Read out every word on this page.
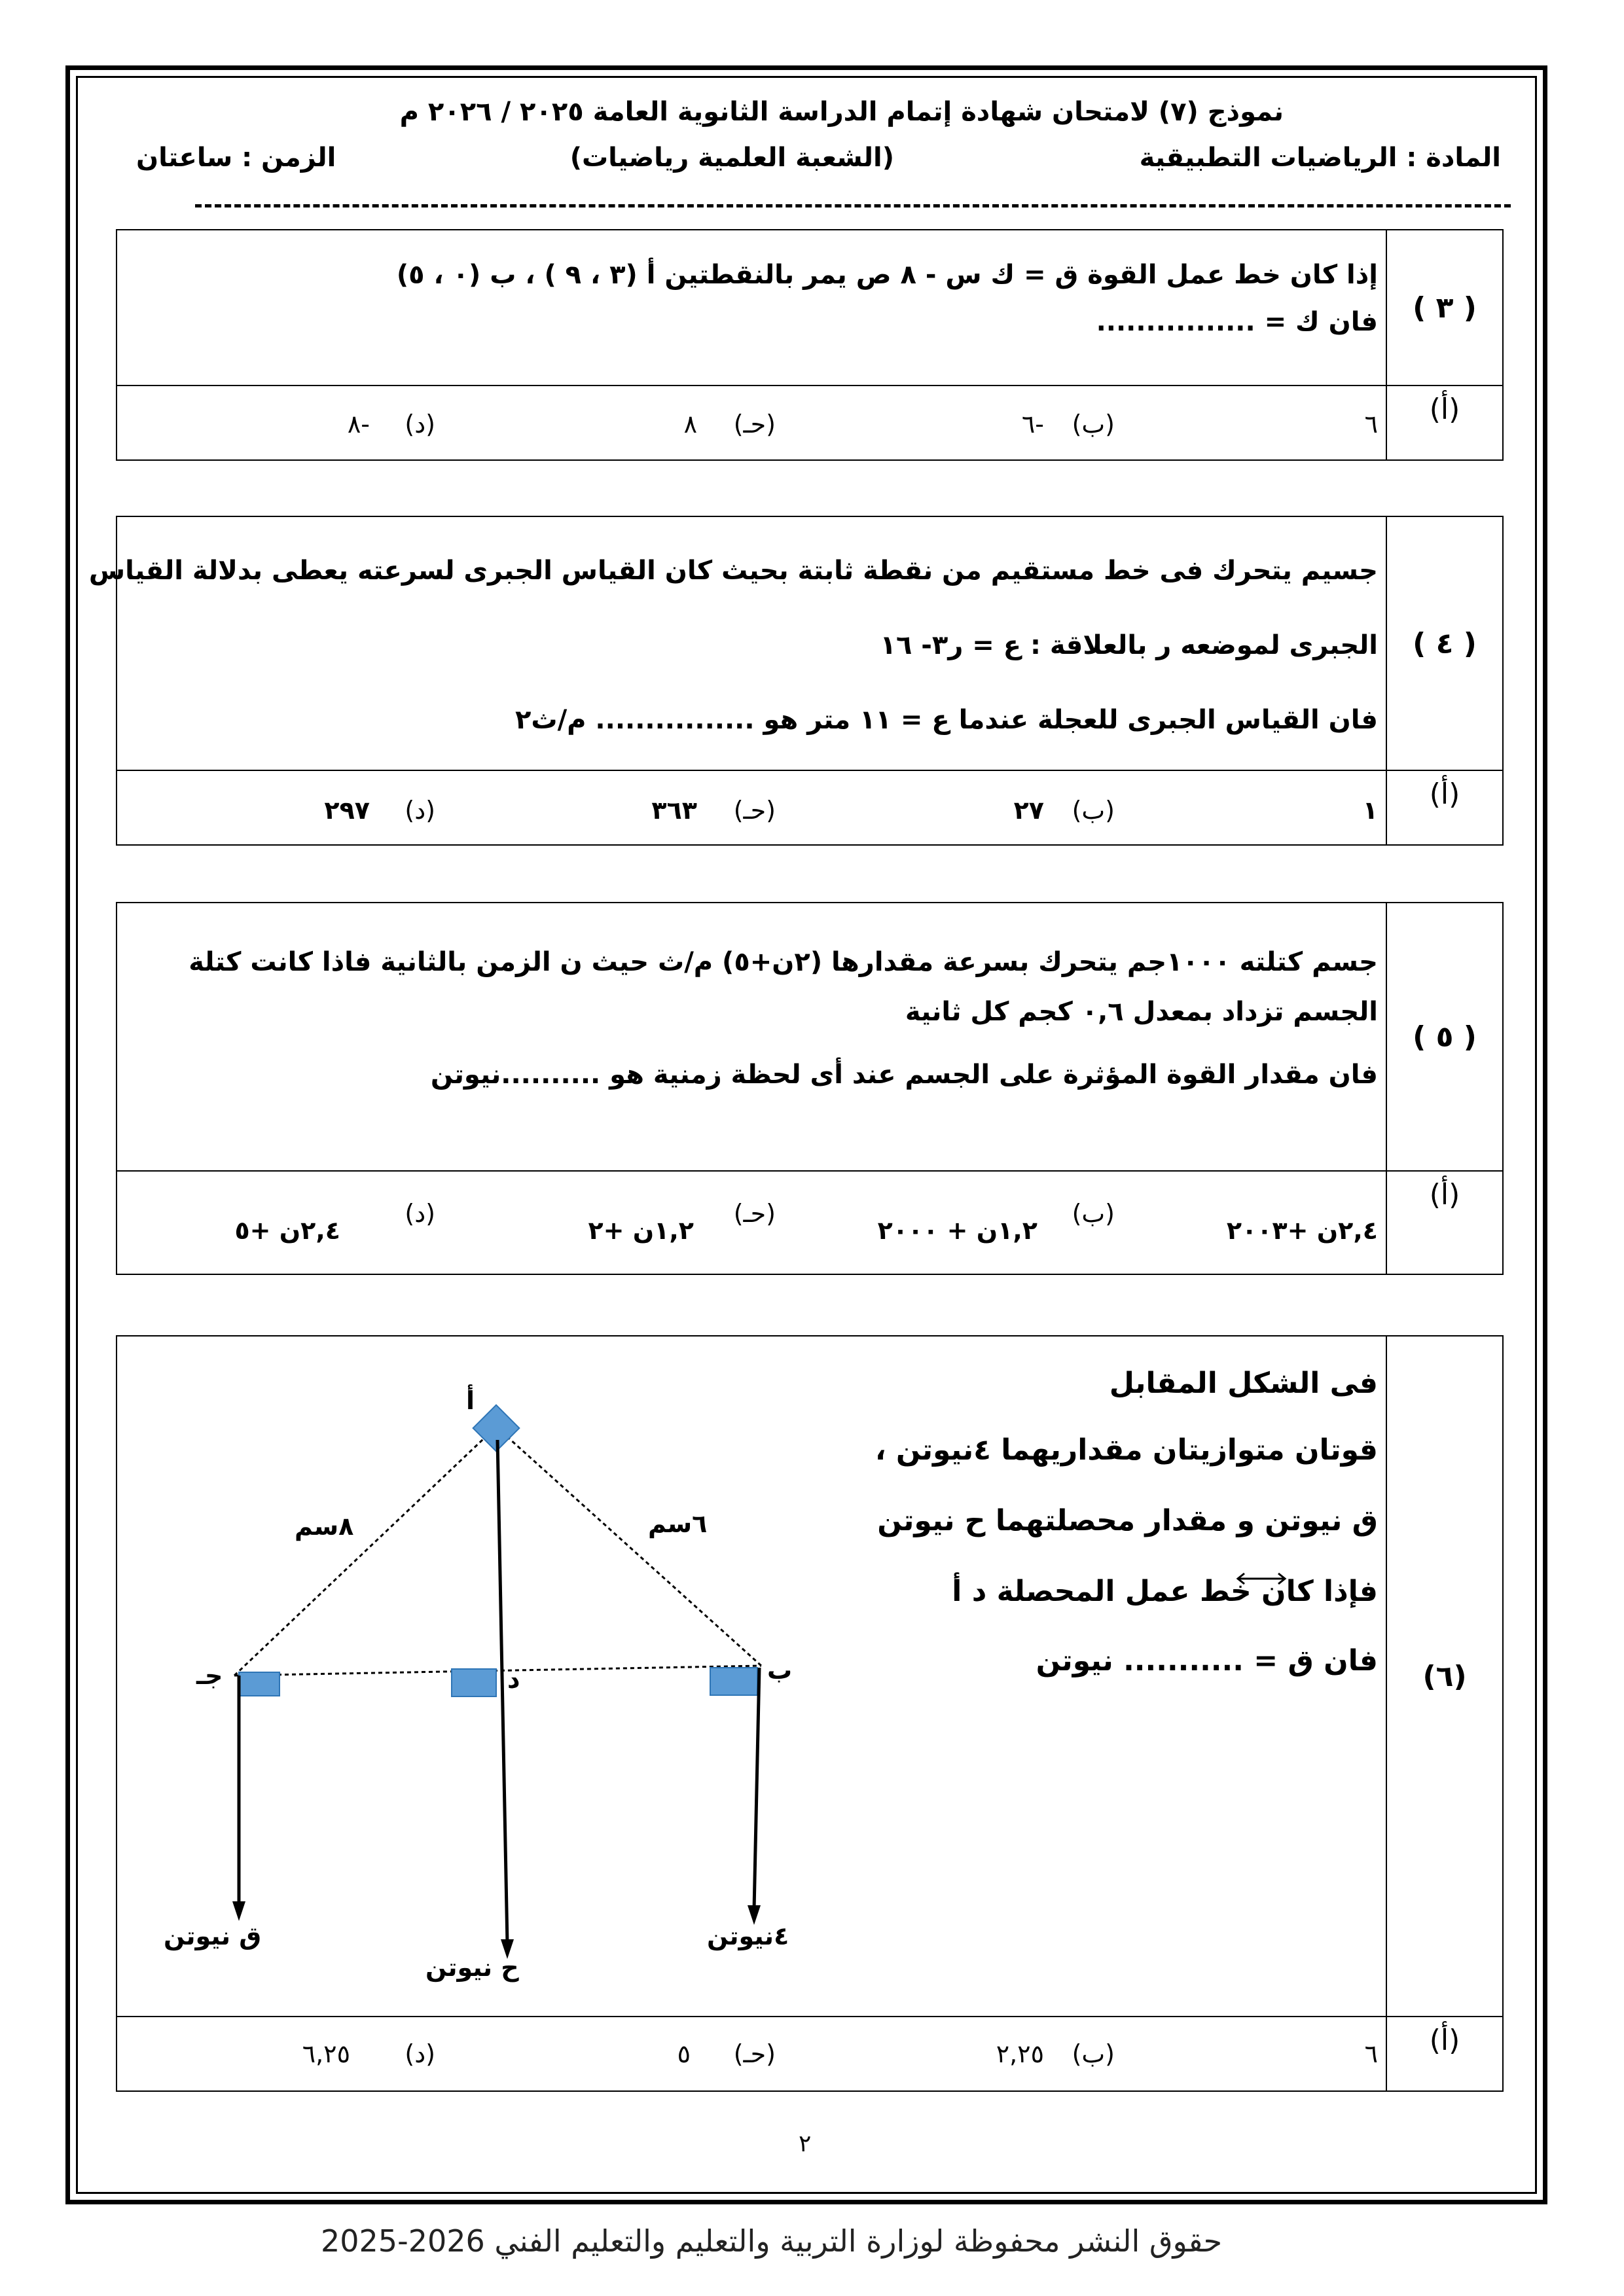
نموذج (٧) لامتحان شهادة إتمام الدراسة الثانوية العامة ٢٠٢٥ / ٢٠٢٦ م
المادة : الرياضيات التطبيقية
(الشعبة العلمية رياضيات)
الزمن : ساعتان
( ٣ )
إذا كان خط عمل القوة ق = ك س - ٨ ص يمر بالنقطتين أ (٣ ، ٩ ) ، ب (٠ ، ٥)
فان ك = ................
(أ)
٦
(ب)
-٦
(حـ)
٨
(د)
-٨
( ٤ )
جسيم يتحرك فى خط مستقيم من نقطة ثابتة بحيث كان القياس الجبرى لسرعته يعطى بدلالة القياس
الجبرى لموضعه ر بالعلاقة : ع = ر٣- ١٦
فان القياس الجبرى للعجلة عندما ع = ١١ متر هو ................ م/ث٢
(أ)
١
(ب)
٢٧
(حـ)
٣٦٣
(د)
٢٩٧
( ٥ )
جسم كتلته ١٠٠٠جم يتحرك بسرعة مقدارها (٢ن+٥) م/ث حيث ن الزمن بالثانية فاذا كانت كتلة
الجسم تزداد بمعدل ٠,٦ كجم كل ثانية
فان مقدار القوة المؤثرة على الجسم عند أى لحظة زمنية هو ..........نيوتن
(أ)
٢,٤ن +٢٠٠٣
(ب)
١,٢ن + ٢٠٠٠
(حـ)
١,٢ن +٢
(د)
٢,٤ن +٥
(٦)
فى الشكل المقابل
قوتان متوازيتان مقداريهما ٤نيوتن ،
ق نيوتن و مقدار محصلتهما ح نيوتن
فإذا كان خط عمل المحصلة د أ
فان ق = ........... نيوتن
أ
ب
جـ	د
٨سم	٦سم
ق نيوتن
ح نيوتن
٤نيوتن
(أ)
٦
(ب)
٢,٢٥
(حـ)
٥
(د)
٦,٢٥
٢
حقوق النشر محفوظة لوزارة التربية والتعليم والتعليم الفني 2026-2025
